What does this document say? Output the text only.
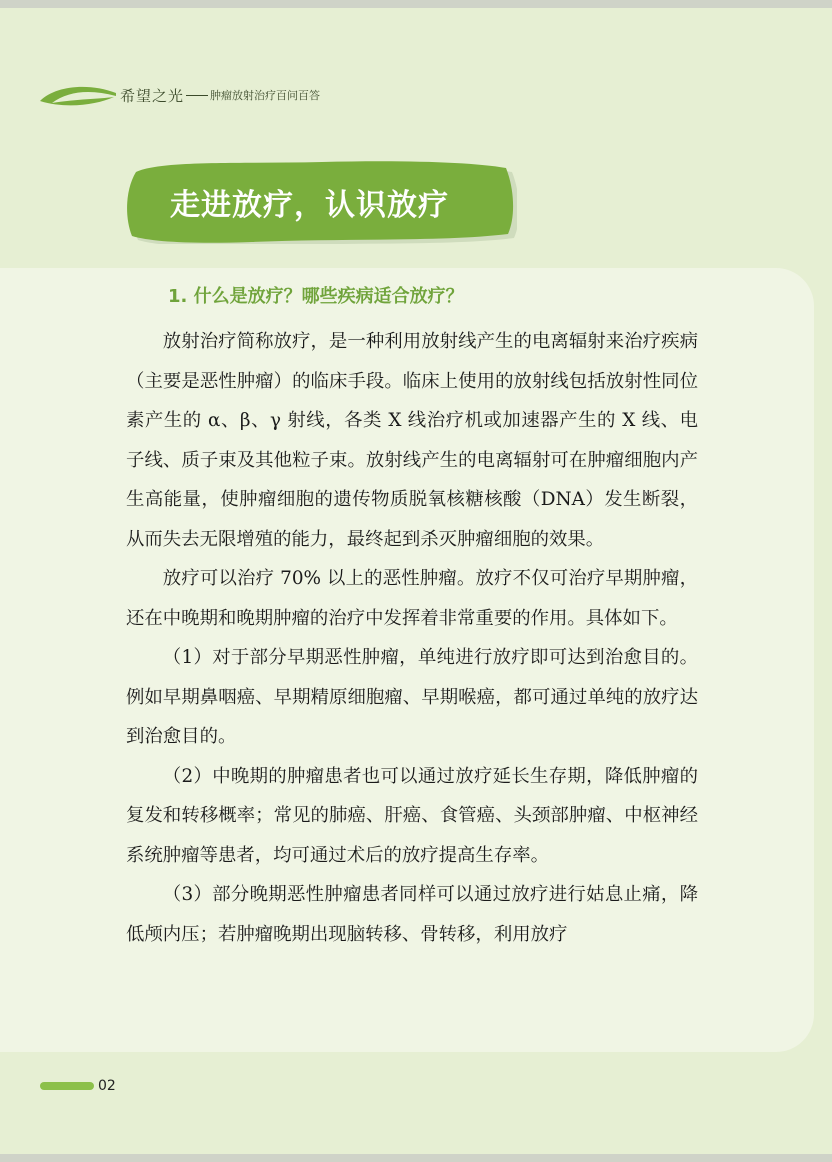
希望之光 肿瘤放射治疗百问百答
走进放疗，认识放疗
1. 什么是放疗？哪些疾病适合放疗？

放射治疗简称放疗，是一种利用放射线产生的电离辐射来治疗疾病（主要是恶性肿瘤）的临床手段。临床上使用的放射线包括放射性同位素产生的 α、β、γ 射线，各类 X 线治疗机或加速器产生的 X 线、电子线、质子束及其他粒子束。放射线产生的电离辐射可在肿瘤细胞内产生高能量，使肿瘤细胞的遗传物质脱氧核糖核酸（DNA）发生断裂，从而失去无限增殖的能力，最终起到杀灭肿瘤细胞的效果。

放疗可以治疗 70% 以上的恶性肿瘤。放疗不仅可治疗早期肿瘤，还在中晚期和晚期肿瘤的治疗中发挥着非常重要的作用。具体如下。

（1）对于部分早期恶性肿瘤，单纯进行放疗即可达到治愈目的。例如早期鼻咽癌、早期精原细胞瘤、早期喉癌，都可通过单纯的放疗达到治愈目的。

（2）中晚期的肿瘤患者也可以通过放疗延长生存期，降低肿瘤的复发和转移概率；常见的肺癌、肝癌、食管癌、头颈部肿瘤、中枢神经系统肿瘤等患者，均可通过术后的放疗提高生存率。

（3）部分晚期恶性肿瘤患者同样可以通过放疗进行姑息止痛，降低颅内压；若肿瘤晚期出现脑转移、骨转移，利用放疗

02
